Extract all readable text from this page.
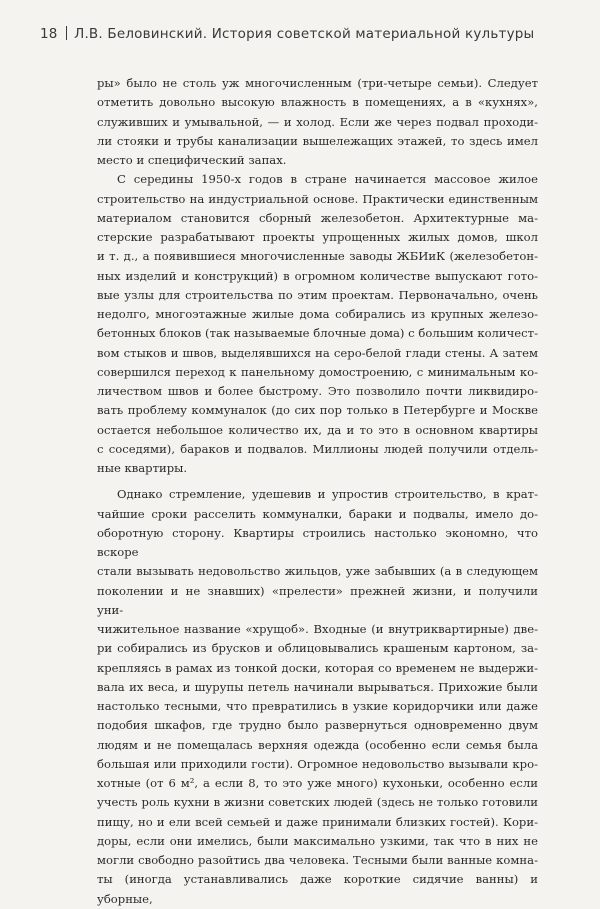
18 Л.В. Беловинский. История советской материальной культуры

ры» было не столь уж многочисленным (три-четыре семьи). Следует

отметить довольно высокую влажность в помещениях, а в «кухнях»,

служивших и умывальной, — и холод. Если же через подвал проходи-

ли стояки и трубы канализации вышележащих этажей, то здесь имел

место и специфический запах.

С середины 1950-х годов в стране начинается массовое жилое

строительство на индустриальной основе. Практически единственным

материалом становится сборный железобетон. Архитектурные ма-

стерские разрабатывают проекты упрощенных жилых домов, школ

и т. д., а появившиеся многочисленные заводы ЖБИиК (железобетон-

ных изделий и конструкций) в огромном количестве выпускают гото-

вые узлы для строительства по этим проектам. Первоначально, очень

недолго, многоэтажные жилые дома собирались из крупных железо-

бетонных блоков (так называемые блочные дома) с большим количест-

вом стыков и швов, выделявшихся на серо-белой глади стены. А затем

совершился переход к панельному домостроению, с минимальным ко-

личеством швов и более быстрому. Это позволило почти ликвидиро-

вать проблему коммуналок (до сих пор только в Петербурге и Москве

остается небольшое количество их, да и то это в основном квартиры

с соседями), бараков и подвалов. Миллионы людей получили отдель-

ные квартиры.

Однако стремление, удешевив и упростив строительство, в крат-

чайшие сроки расселить коммуналки, бараки и подвалы, имело до-

оборотную сторону. Квартиры строились настолько экономно, что вскоре

стали вызывать недовольство жильцов, уже забывших (а в следующем

поколении и не знавших) «прелести» прежней жизни, и получили уни-

чижительное название «хрущоб». Входные (и внутриквартирные) две-

ри собирались из брусков и облицовывались крашеным картоном, за-

крепляясь в рамах из тонкой доски, которая со временем не выдержи-

вала их веса, и шурупы петель начинали вырываться. Прихожие были

настолько тесными, что превратились в узкие коридорчики или даже

подобия шкафов, где трудно было развернуться одновременно двум

людям и не помещалась верхняя одежда (особенно если семья была

большая или приходили гости). Огромное недовольство вызывали кро-

хотные (от 6 м², а если 8, то это уже много) кухоньки, особенно если

учесть роль кухни в жизни советских людей (здесь не только готовили

пищу, но и ели всей семьей и даже принимали близких гостей). Кори-

доры, если они имелись, были максимально узкими, так что в них не

могли свободно разойтись два человека. Тесными были ванные комна-

ты (иногда устанавливались даже короткие сидячие ванны) и уборные,
